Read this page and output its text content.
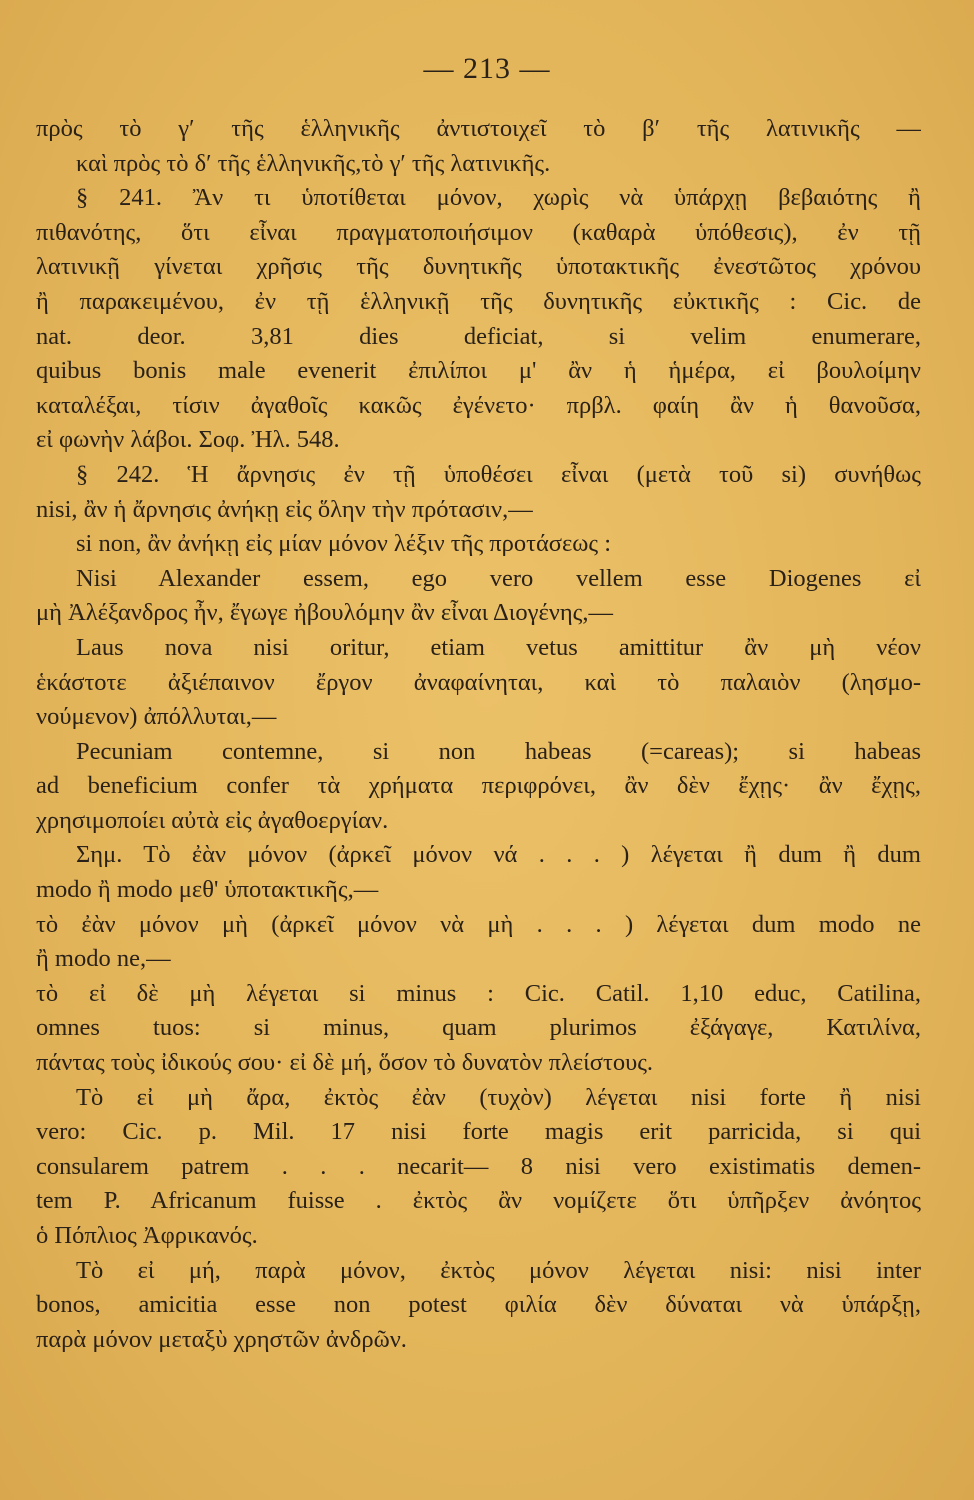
— 213 —
πρὸς τὸ γ′ τῆς ἑλληνικῆς ἀντιστοιχεῖ τὸ β′ τῆς λατινικῆς —
καὶ πρὸς τὸ δ′ τῆς ἑλληνικῆς,τὸ γ′ τῆς λατινικῆς.
§ 241. Ἂν τι ὑποτίθεται μόνον, χωρὶς νὰ ὑπάρχῃ βεβαιότης ἢ
πιθανότης, ὅτι εἶναι πραγματοποιήσιμον (καθαρὰ ὑπόθεσις), ἐν τῇ
λατινικῇ γίνεται χρῆσις τῆς δυνητικῆς ὑποτακτικῆς ἐνεστῶτος χρόνου
ἢ παρακειμένου, ἐν τῇ ἑλληνικῇ τῆς δυνητικῆς εὐκτικῆς : Cic. de
nat. deor. 3,81 dies deficiat, si velim enumerare,
quibus bonis male evenerit ἐπιλίποι μ' ἂν ἡ ἡμέρα, εἰ βουλοίμην
καταλέξαι, τίσιν ἀγαθοῖς κακῶς ἐγένετο· πρβλ. φαίη ἂν ἡ θανοῦσα,
εἰ φωνὴν λάβοι. Σοφ. Ἠλ. 548.
§ 242. Ἡ ἄρνησις ἐν τῇ ὑποθέσει εἶναι (μετὰ τοῦ si) συνήθως
nisi, ἂν ἡ ἄρνησις ἀνήκῃ εἰς ὅλην τὴν πρότασιν,—
si non, ἂν ἀνήκῃ εἰς μίαν μόνον λέξιν τῆς προτάσεως :
Nisi Alexander essem, ego vero vellem esse Diogenes εἰ
μὴ Ἀλέξανδρος ἦν, ἔγωγε ἠβουλόμην ἂν εἶναι Διογένης,—
Laus nova nisi oritur, etiam vetus amittitur ἂν μὴ νέον
ἑκάστοτε ἀξιέπαινον ἔργον ἀναφαίνηται, καὶ τὸ παλαιὸν (λησμο-
νούμενον) ἀπόλλυται,—
Pecuniam contemne, si non habeas (=careas); si habeas
ad beneficium confer τὰ χρήματα περιφρόνει, ἂν δὲν ἔχῃς· ἂν ἔχῃς,
χρησιμοποίει αὐτὰ εἰς ἀγαθοεργίαν.
Σημ. Τὸ ἐὰν μόνον (ἀρκεῖ μόνον νά . . . ) λέγεται ἢ dum ἢ dum
modo ἢ modo μεθ' ὑποτακτικῆς,—
τὸ ἐὰν μόνον μὴ (ἀρκεῖ μόνον νὰ μὴ . . . ) λέγεται dum modo ne
ἢ modo ne,—
τὸ εἰ δὲ μὴ λέγεται si minus : Cic. Catil. 1,10 educ, Catilina,
omnes tuos: si minus, quam plurimos ἐξάγαγε, Κατιλίνα,
πάντας τοὺς ἰδικούς σου· εἰ δὲ μή, ὅσον τὸ δυνατὸν πλείστους.
Τὸ εἰ μὴ ἄρα, ἐκτὸς ἐὰν (τυχὸν) λέγεται nisi forte ἢ nisi
vero: Cic. p. Mil. 17 nisi forte magis erit parricida, si qui
consularem patrem . . . necarit— 8 nisi vero existimatis demen-
tem P. Africanum fuisse . ἐκτὸς ἂν νομίζετε ὅτι ὑπῆρξεν ἀνόητος
ὁ Πόπλιος Ἀφρικανός.
Τὸ εἰ μή, παρὰ μόνον, ἐκτὸς μόνον λέγεται nisi: nisi inter
bonos, amicitia esse non potest φιλία δὲν δύναται νὰ ὑπάρξῃ,
παρὰ μόνον μεταξὺ χρηστῶν ἀνδρῶν.
